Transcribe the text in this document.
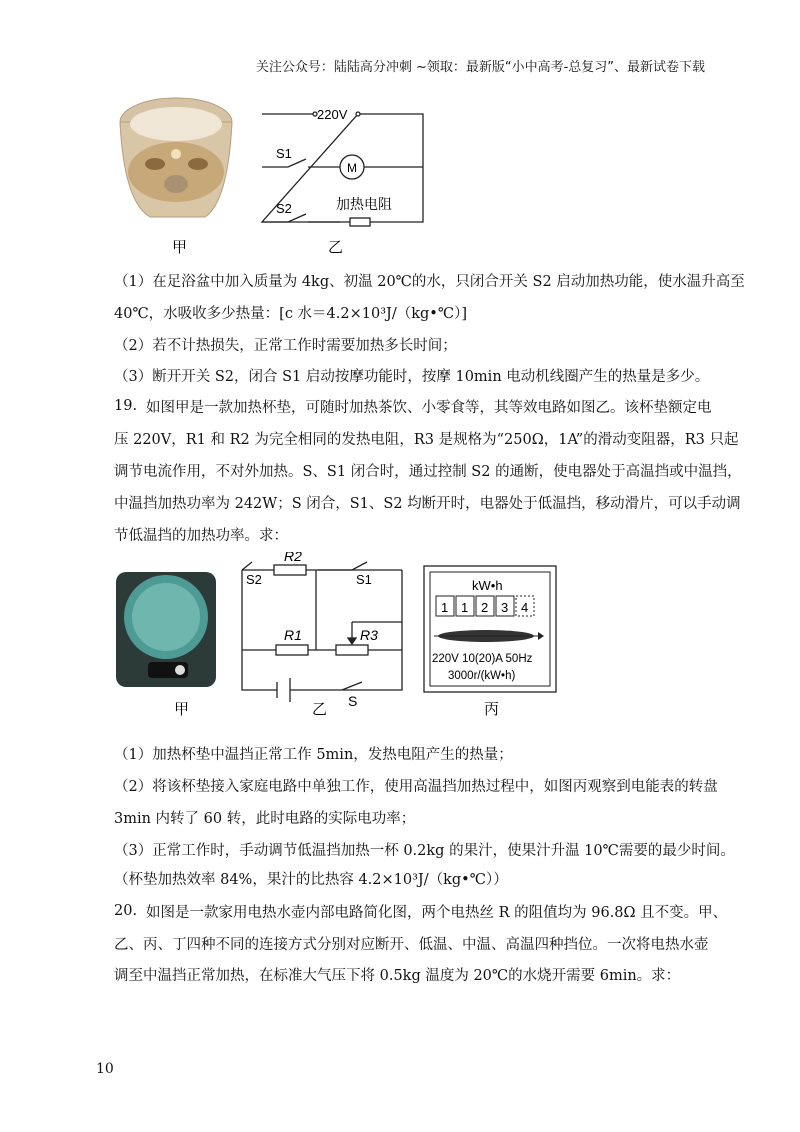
关注公众号：陆陆高分冲刺 ~领取：最新版“小中高考-总复习”、最新试卷下载
220V
S1
S2
M
加热电阻
甲	乙
（1）在足浴盆中加入质量为 4kg、初温 20℃的水，只闭合开关 S2 启动加热功能，使水温升高至
40℃，水吸收多少热量：[c 水＝4.2×10³J/（kg•℃）]
（2）若不计热损失，正常工作时需要加热多长时间；
（3）断开开关 S2，闭合 S1 启动按摩功能时，按摩 10min 电动机线圈产生的热量是多少。
19. 如图甲是一款加热杯垫，可随时加热茶饮、小零食等，其等效电路如图乙。该杯垫额定电
压 220V，R1 和 R2 为完全相同的发热电阻，R3 是规格为“250Ω，1A”的滑动变阻器，R3 只起
调节电流作用，不对外加热。S、S1 闭合时，通过控制 S2 的通断，使电器处于高温挡或中温挡，
中温挡加热功率为 242W；S 闭合，S1、S2 均断开时，电器处于低温挡，移动滑片，可以手动调
节低温挡的加热功率。求：
R2
S2	S1
R1	R3
S
kW•h
1 1 2 3 4
220V 10(20)A 50Hz
3000r/(kW•h)
甲	乙	丙
（1）加热杯垫中温挡正常工作 5min，发热电阻产生的热量；
（2）将该杯垫接入家庭电路中单独工作，使用高温挡加热过程中，如图丙观察到电能表的转盘
3min 内转了 60 转，此时电路的实际电功率；
（3）正常工作时，手动调节低温挡加热一杯 0.2kg 的果汁，使果汁升温 10℃需要的最少时间。
（杯垫加热效率 84%，果汁的比热容 4.2×10³J/（kg•℃））
20. 如图是一款家用电热水壶内部电路简化图，两个电热丝 R 的阻值均为 96.8Ω 且不变。甲、
乙、丙、丁四种不同的连接方式分别对应断开、低温、中温、高温四种挡位。一次将电热水壶
调至中温挡正常加热，在标准大气压下将 0.5kg 温度为 20℃的水烧开需要 6min。求：
10
